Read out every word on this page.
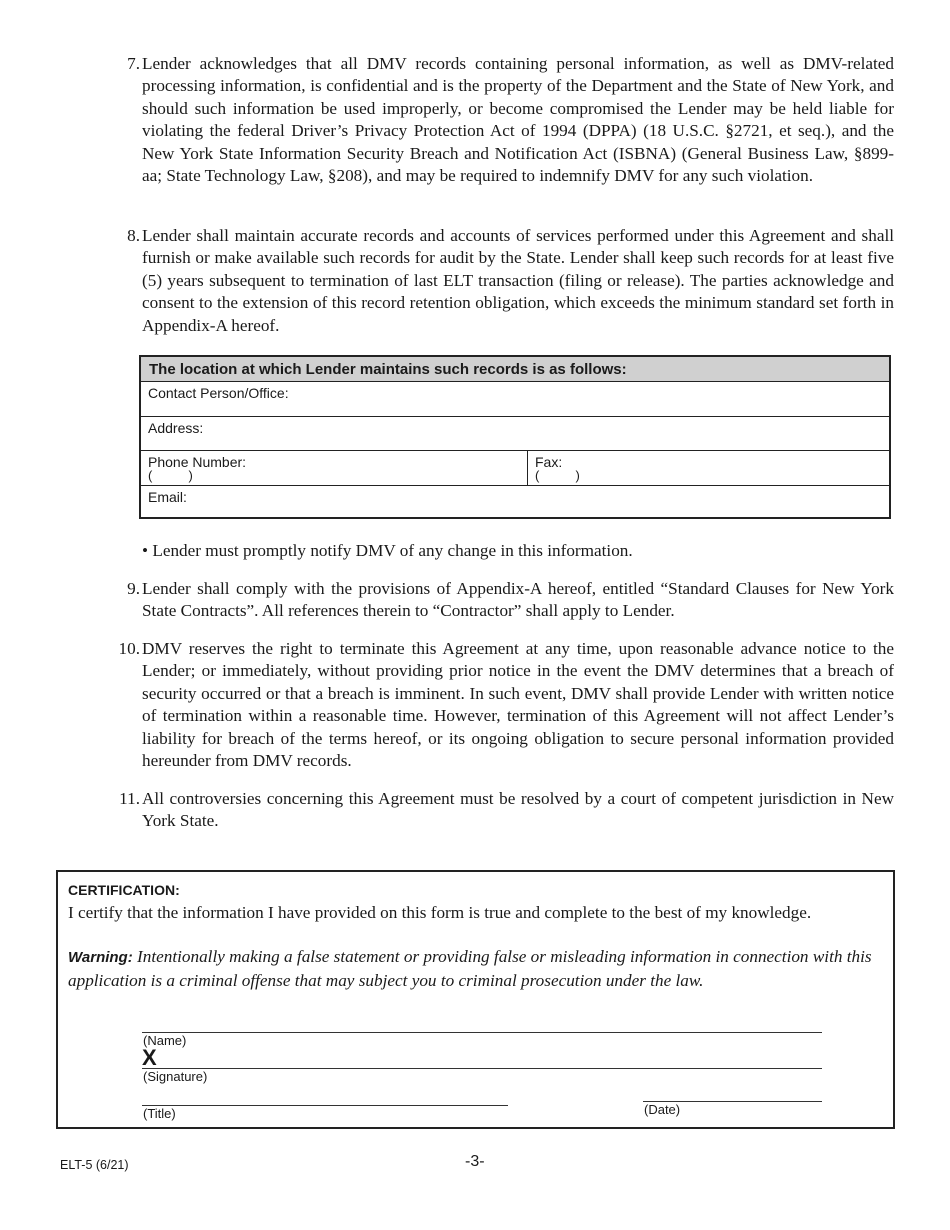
7. Lender acknowledges that all DMV records containing personal information, as well as DMV-related processing information, is confidential and is the property of the Department and the State of New York, and should such information be used improperly, or become compromised the Lender may be held liable for violating the federal Driver’s Privacy Protection Act of 1994 (DPPA) (18 U.S.C. §2721, et seq.), and the New York State Information Security Breach and Notification Act (ISBNA) (General Business Law, §899-aa; State Technology Law, §208), and may be required to indemnify DMV for any such violation.
8. Lender shall maintain accurate records and accounts of services performed under this Agreement and shall furnish or make available such records for audit by the State. Lender shall keep such records for at least five (5) years subsequent to termination of last ELT transaction (filing or release). The parties acknowledge and consent to the extension of this record retention obligation, which exceeds the minimum standard set forth in Appendix-A hereof.
The location at which Lender maintains such records is as follows:
Contact Person/Office:
Address:
Phone Number:
(          )
Fax:
(          )
Email:
• Lender must promptly notify DMV of any change in this information.
9. Lender shall comply with the provisions of Appendix-A hereof, entitled “Standard Clauses for New York State Contracts”. All references therein to “Contractor” shall apply to Lender.
10. DMV reserves the right to terminate this Agreement at any time, upon reasonable advance notice to the Lender; or immediately, without providing prior notice in the event the DMV determines that a breach of security occurred or that a breach is imminent. In such event, DMV shall provide Lender with written notice of termination within a reasonable time. However, termination of this Agreement will not affect Lender’s liability for breach of the terms hereof, or its ongoing obligation to secure personal information provided hereunder from DMV records.
11. All controversies concerning this Agreement must be resolved by a court of competent jurisdiction in New York State.
CERTIFICATION:
I certify that the information I have provided on this form is true and complete to the best of my knowledge.
Warning: Intentionally making a false statement or providing false or misleading information in connection with this application is a criminal offense that may subject you to criminal prosecution under the law.
(Name)
X
(Signature)
(Title)	(Date)
ELT-5 (6/21)	-3-
